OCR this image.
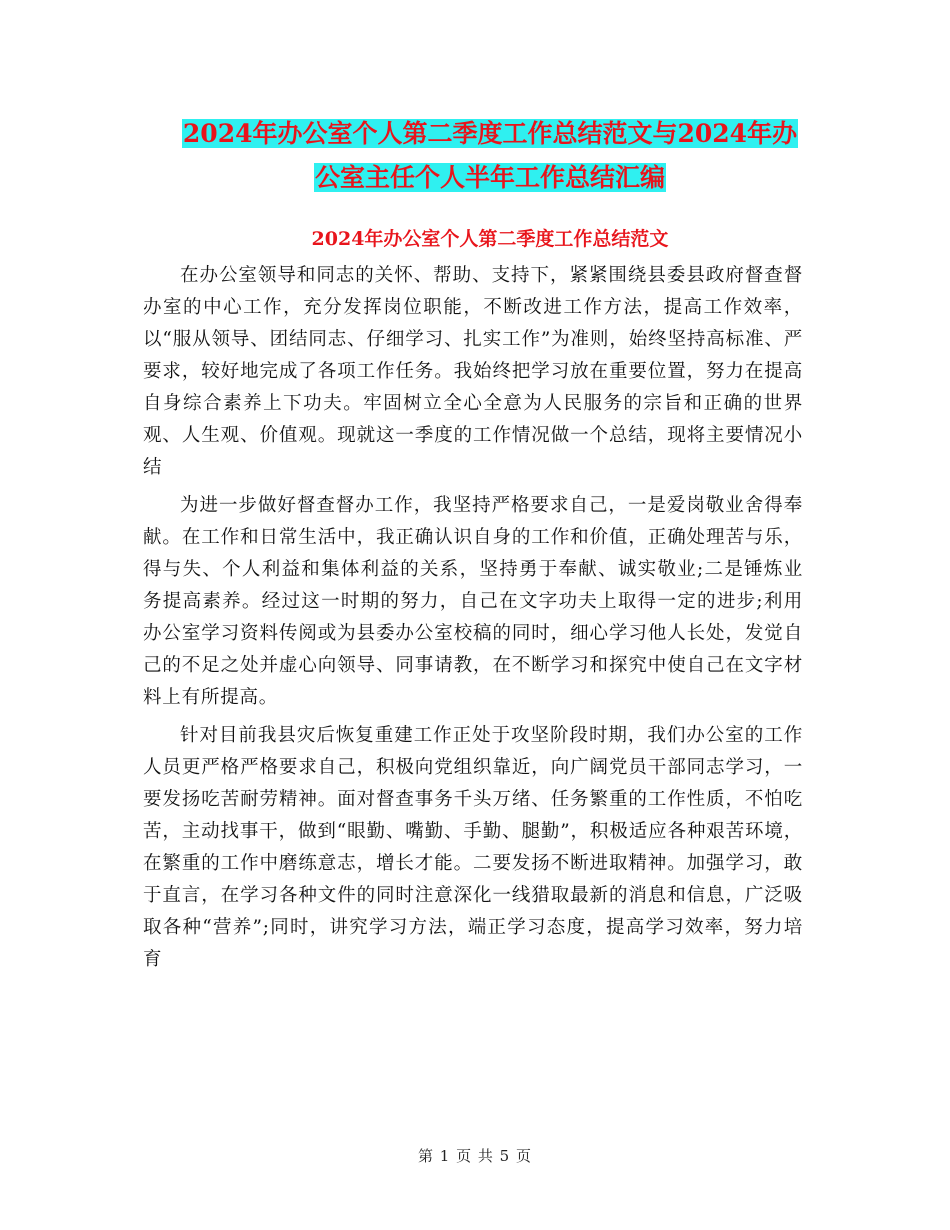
2024年办公室个人第二季度工作总结范文与2024年办
公室主任个人半年工作总结汇编
2024年办公室个人第二季度工作总结范文

在办公室领导和同志的关怀、帮助、支持下，紧紧围绕县委县政府督查督办室的中心工作，充分发挥岗位职能，不断改进工作方法，提高工作效率，以“服从领导、团结同志、仔细学习、扎实工作”为准则，始终坚持高标准、严要求，较好地完成了各项工作任务。我始终把学习放在重要位置，努力在提高自身综合素养上下功夫。牢固树立全心全意为人民服务的宗旨和正确的世界观、人生观、价值观。现就这一季度的工作情况做一个总结，现将主要情况小结

为进一步做好督查督办工作，我坚持严格要求自己，一是爱岗敬业舍得奉献。在工作和日常生活中，我正确认识自身的工作和价值，正确处理苦与乐，得与失、个人利益和集体利益的关系，坚持勇于奉献、诚实敬业;二是锤炼业务提高素养。经过这一时期的努力，自己在文字功夫上取得一定的进步;利用办公室学习资料传阅或为县委办公室校稿的同时，细心学习他人长处，发觉自己的不足之处并虚心向领导、同事请教，在不断学习和探究中使自己在文字材料上有所提高。

针对目前我县灾后恢复重建工作正处于攻坚阶段时期，我们办公室的工作人员更严格严格要求自己，积极向党组织靠近，向广阔党员干部同志学习，一要发扬吃苦耐劳精神。面对督查事务千头万绪、任务繁重的工作性质，不怕吃苦，主动找事干，做到“眼勤、嘴勤、手勤、腿勤”，积极适应各种艰苦环境，在繁重的工作中磨练意志，增长才能。二要发扬不断进取精神。加强学习，敢于直言，在学习各种文件的同时注意深化一线猎取最新的消息和信息，广泛吸取各种“营养”;同时，讲究学习方法，端正学习态度，提高学习效率，努力培育

第 1 页 共 5 页
